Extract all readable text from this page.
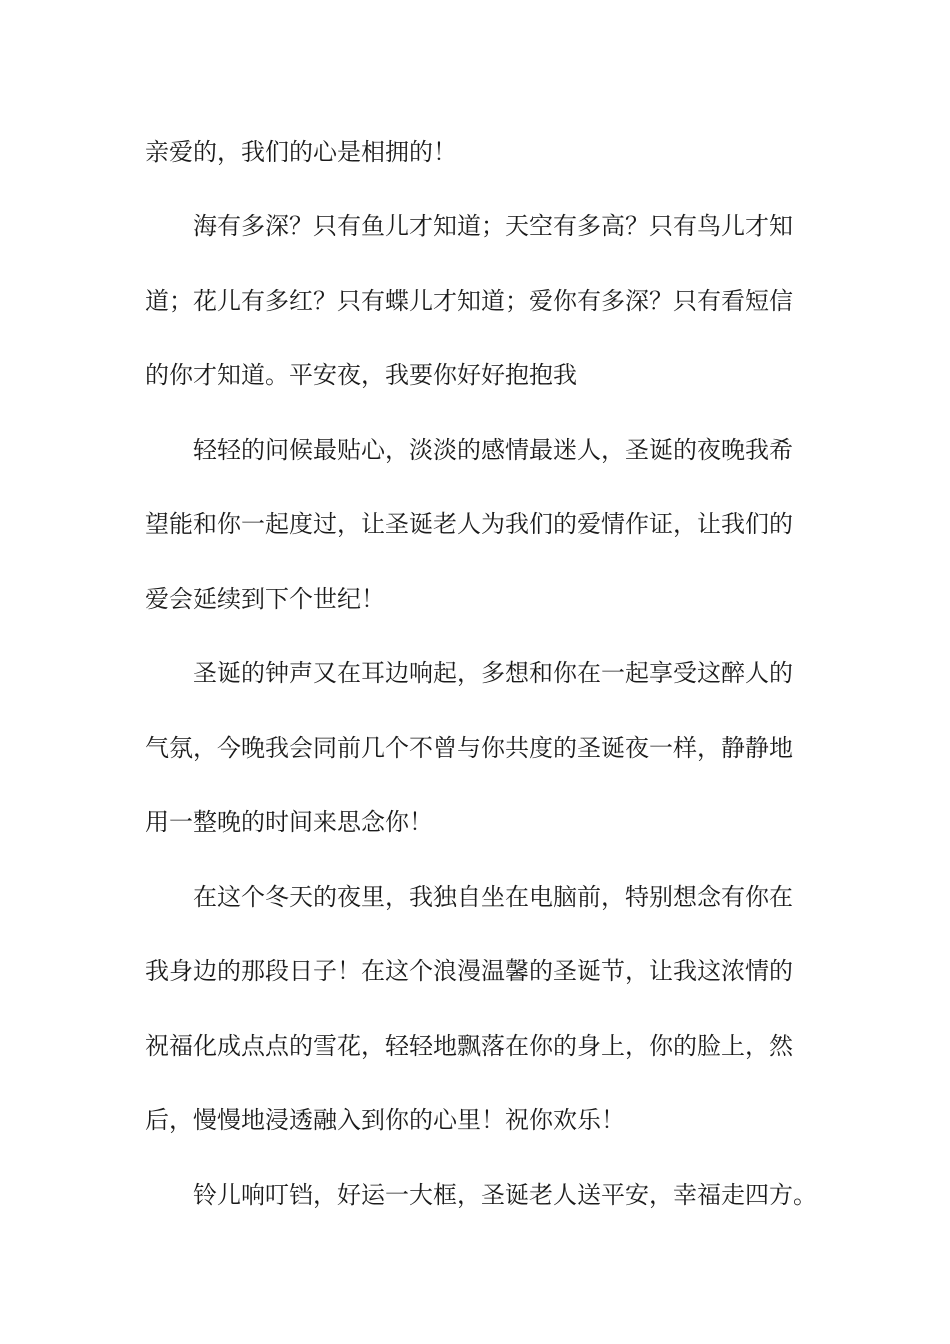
亲爱的，我们的心是相拥的！
海有多深？只有鱼儿才知道；天空有多高？只有鸟儿才知
道；花儿有多红？只有蝶儿才知道；爱你有多深？只有看短信
的你才知道。平安夜，我要你好好抱抱我
轻轻的问候最贴心，淡淡的感情最迷人，圣诞的夜晚我希
望能和你一起度过，让圣诞老人为我们的爱情作证，让我们的
爱会延续到下个世纪！
圣诞的钟声又在耳边响起，多想和你在一起享受这醉人的
气氛，今晚我会同前几个不曾与你共度的圣诞夜一样，静静地
用一整晚的时间来思念你！
在这个冬天的夜里，我独自坐在电脑前，特别想念有你在
我身边的那段日子！在这个浪漫温馨的圣诞节，让我这浓情的
祝福化成点点的雪花，轻轻地飘落在你的身上，你的脸上，然
后，慢慢地浸透融入到你的心里！祝你欢乐！
铃儿响叮铛，好运一大框，圣诞老人送平安，幸福走四方。
